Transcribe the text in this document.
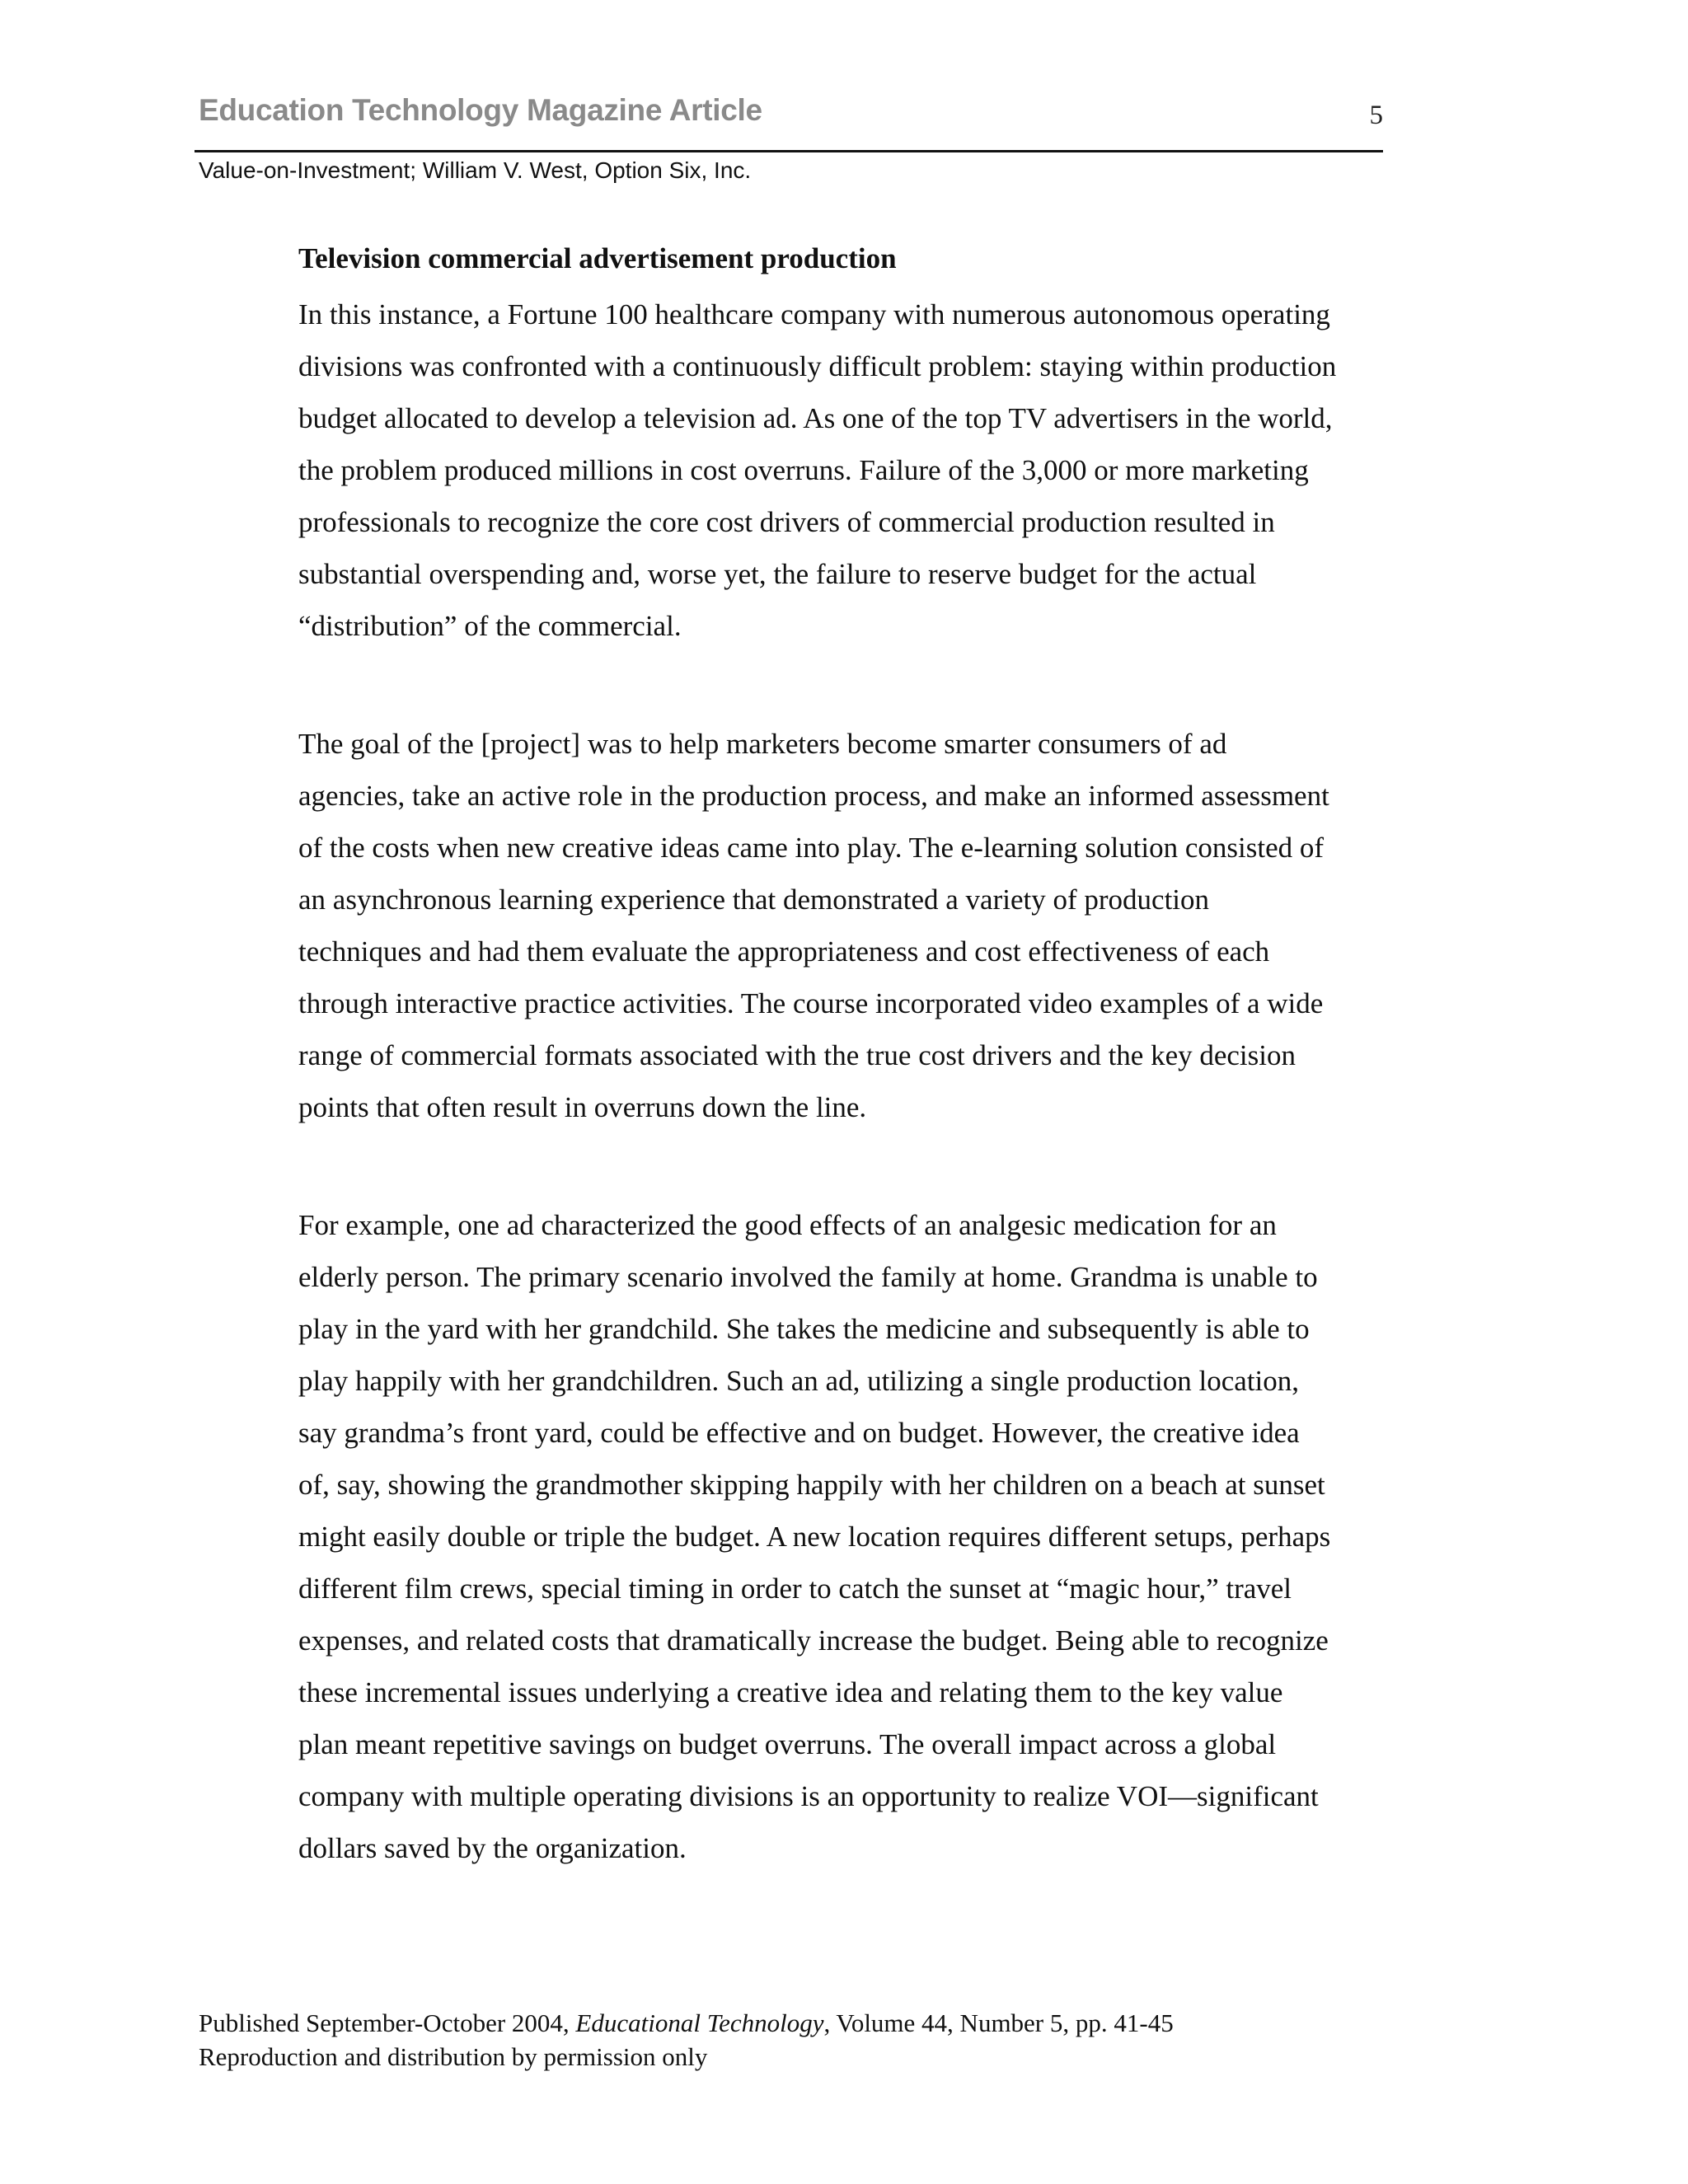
Education Technology Magazine Article	5
Value-on-Investment; William V. West, Option Six, Inc.
Television commercial advertisement production
In this instance, a Fortune 100 healthcare company with numerous autonomous operating
divisions was confronted with a continuously difficult problem: staying within production
budget allocated to develop a television ad. As one of the top TV advertisers in the world,
the problem produced millions in cost overruns. Failure of the 3,000 or more marketing
professionals to recognize the core cost drivers of commercial production resulted in
substantial overspending and, worse yet, the failure to reserve budget for the actual
“distribution” of the commercial.
The goal of the [project] was to help marketers become smarter consumers of ad
agencies, take an active role in the production process, and make an informed assessment
of the costs when new creative ideas came into play. The e-learning solution consisted of
an asynchronous learning experience that demonstrated a variety of production
techniques and had them evaluate the appropriateness and cost effectiveness of each
through interactive practice activities. The course incorporated video examples of a wide
range of commercial formats associated with the true cost drivers and the key decision
points that often result in overruns down the line.
For example, one ad characterized the good effects of an analgesic medication for an
elderly person. The primary scenario involved the family at home. Grandma is unable to
play in the yard with her grandchild. She takes the medicine and subsequently is able to
play happily with her grandchildren. Such an ad, utilizing a single production location,
say grandma’s front yard, could be effective and on budget. However, the creative idea
of, say, showing the grandmother skipping happily with her children on a beach at sunset
might easily double or triple the budget. A new location requires different setups, perhaps
different film crews, special timing in order to catch the sunset at “magic hour,” travel
expenses, and related costs that dramatically increase the budget. Being able to recognize
these incremental issues underlying a creative idea and relating them to the key value
plan meant repetitive savings on budget overruns. The overall impact across a global
company with multiple operating divisions is an opportunity to realize VOI—significant
dollars saved by the organization.
Published September-October 2004, Educational Technology, Volume 44, Number 5, pp. 41-45
Reproduction and distribution by permission only
